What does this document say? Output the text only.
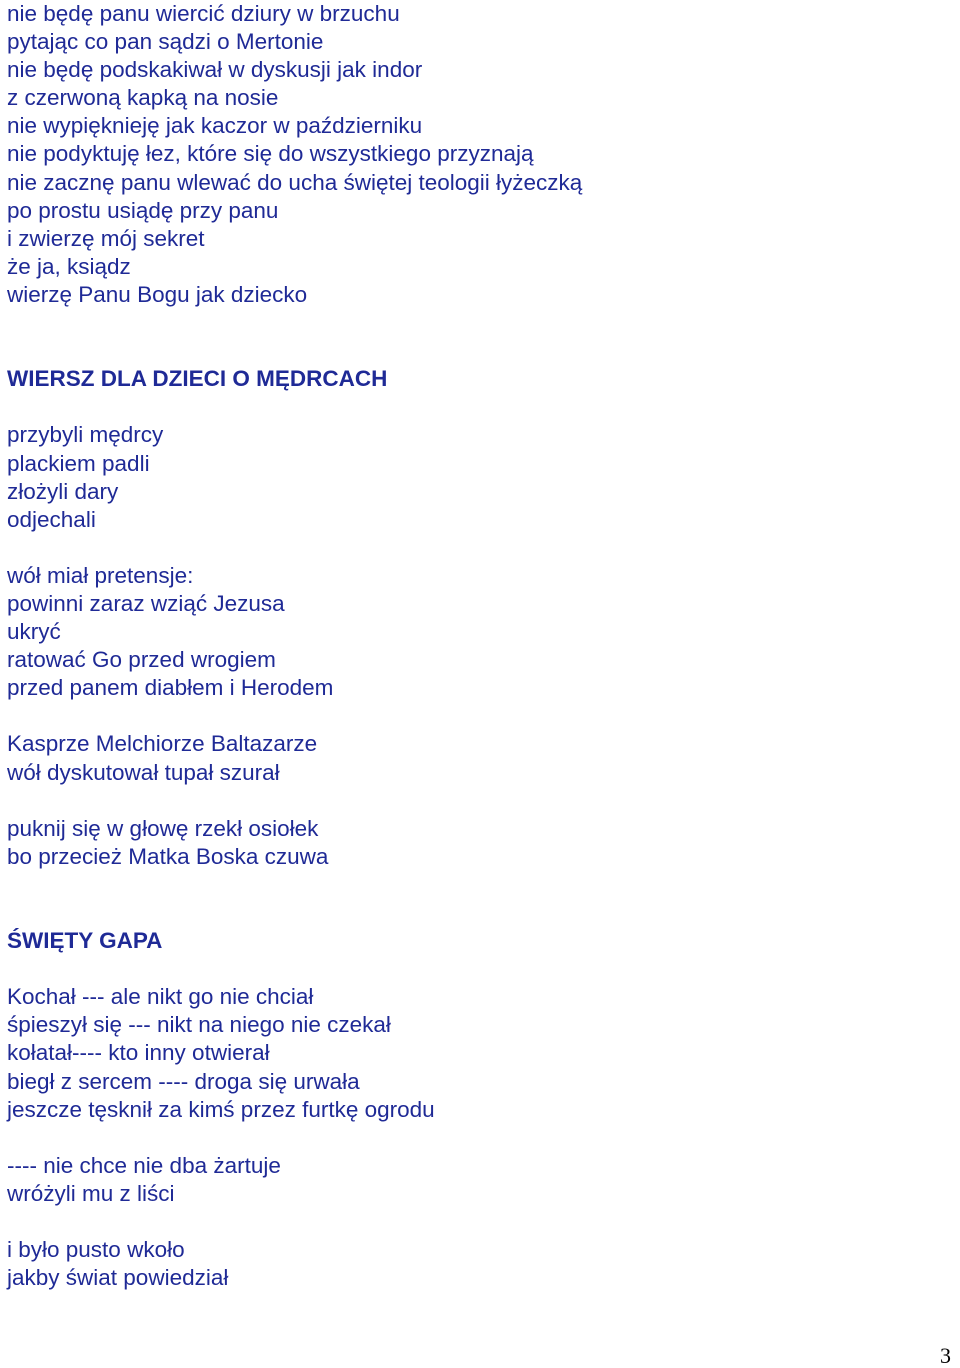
nie będę panu wiercić dziury w brzuchu
pytając co pan sądzi o Mertonie
nie będę podskakiwał w dyskusji jak indor
z czerwoną kapką na nosie
nie wypięknieję jak kaczor w październiku
nie podyktuję łez, które się do wszystkiego przyznają
nie zacznę panu wlewać do ucha świętej teologii łyżeczką
po prostu usiądę przy panu
i zwierzę mój sekret
że ja, ksiądz
wierzę Panu Bogu jak dziecko
WIERSZ DLA DZIECI O MĘDRCACH
przybyli mędrcy
plackiem padli
złożyli dary
odjechali
wół miał pretensje:
powinni zaraz wziąć Jezusa
ukryć
ratować Go przed wrogiem
przed panem diabłem i Herodem
Kasprze Melchiorze Baltazarze
wół dyskutował tupał szurał
puknij się w głowę rzekł osiołek
bo przecież Matka Boska czuwa
ŚWIĘTY GAPA
Kochał --- ale nikt go nie chciał
śpieszył się --- nikt na niego nie czekał
kołatał---- kto inny otwierał
biegł z sercem ---- droga się urwała
jeszcze tęsknił za kimś przez furtkę ogrodu
---- nie chce nie dba żartuje
wróżyli mu z liści
i było pusto wkoło
jakby świat powiedział
3
